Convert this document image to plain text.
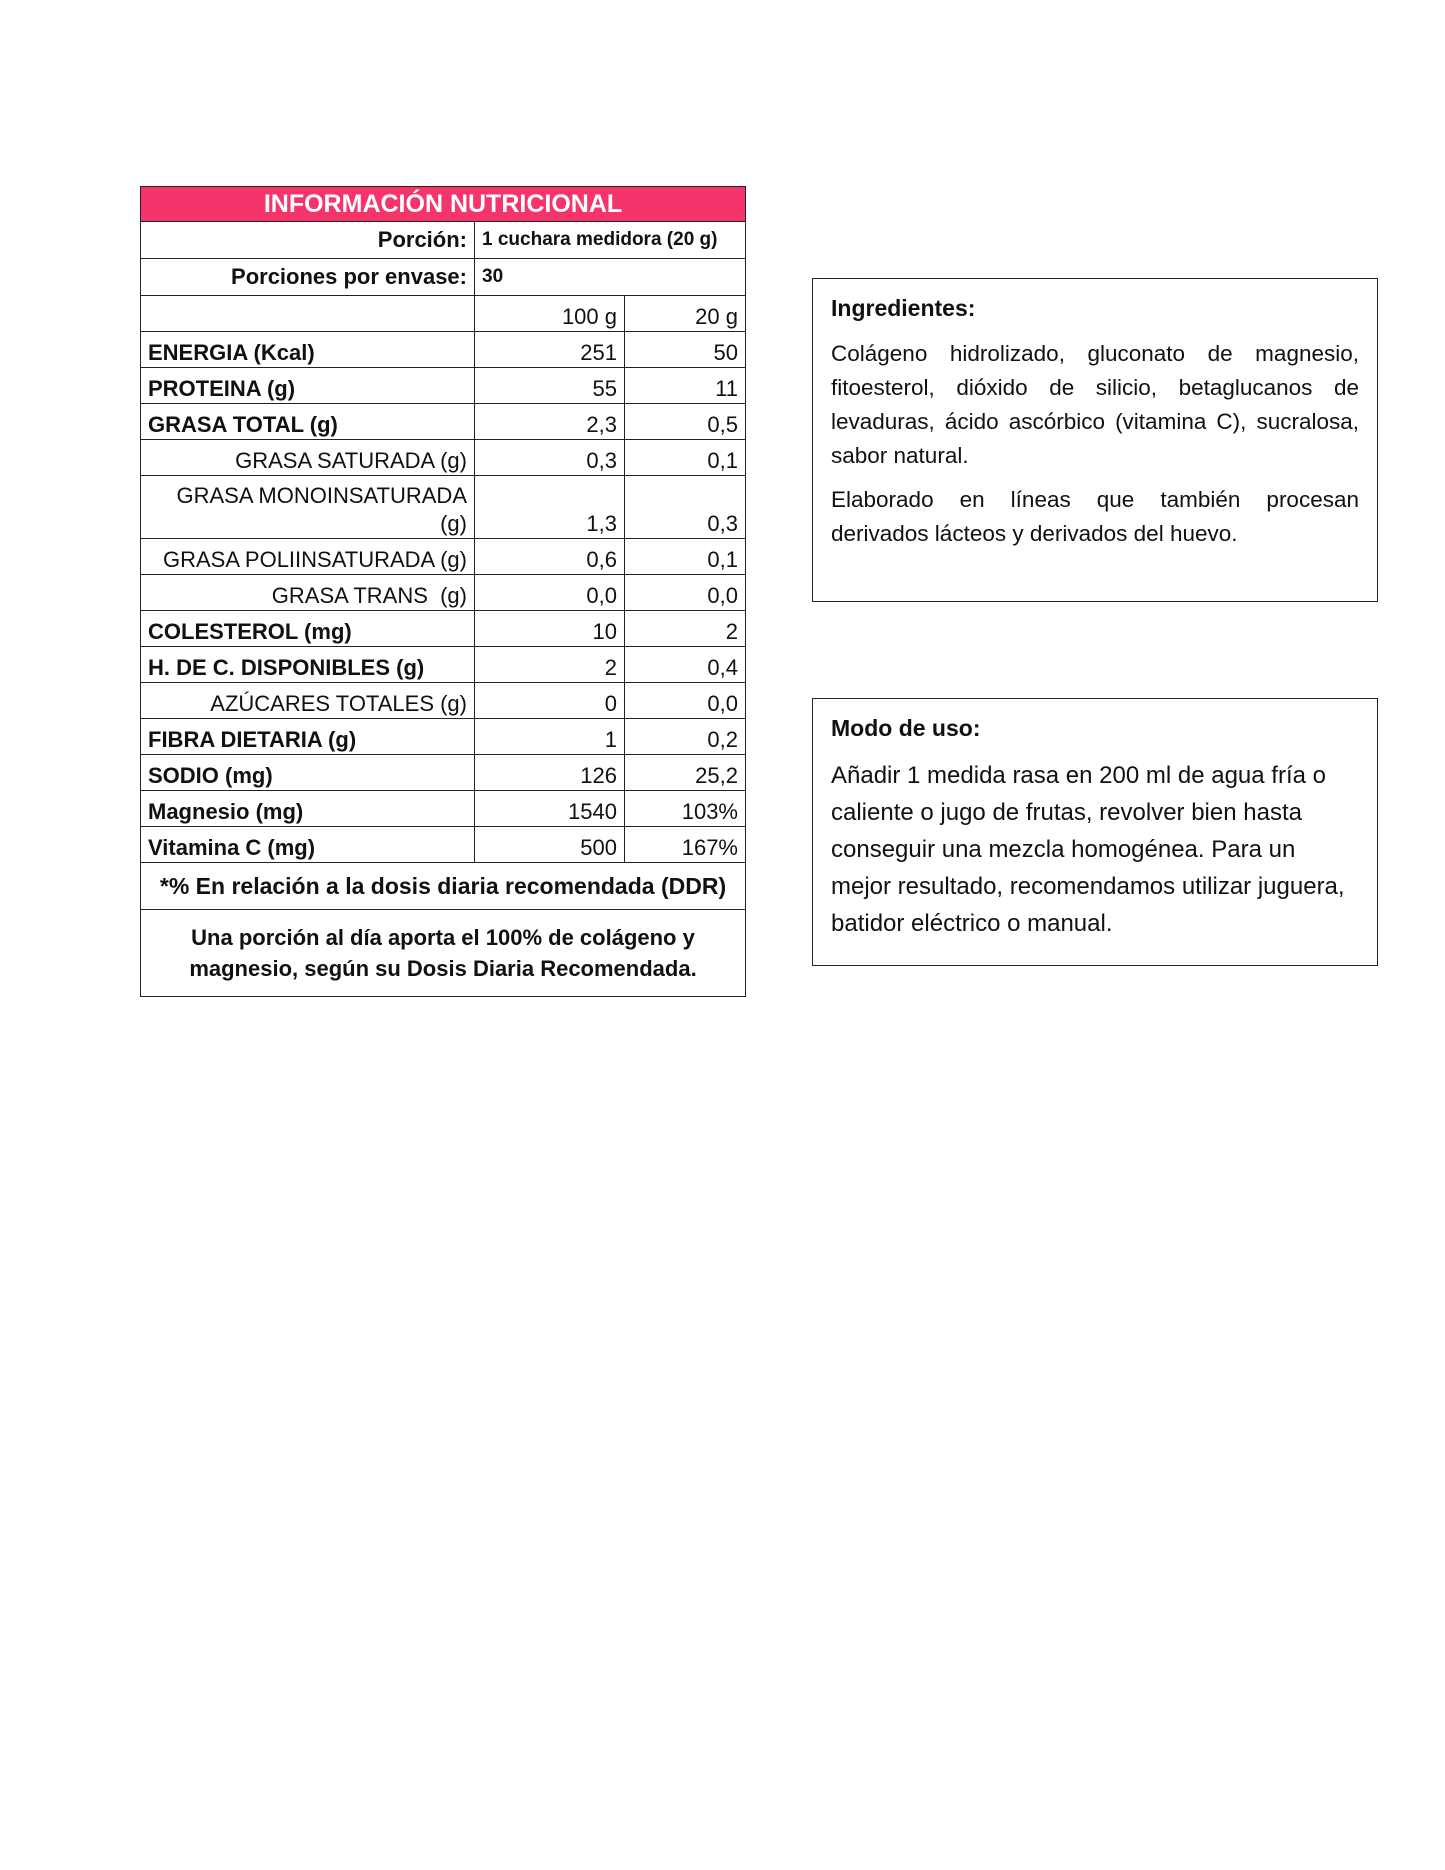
INFORMACIÓN NUTRICIONAL		
Porción:	1 cuchara medidora (20 g)	
Porciones por envase:	30	
	100 g	20 g
ENERGIA (Kcal)	251	50
PROTEINA (g)	55	11
GRASA TOTAL (g)	2,3	0,5
GRASA SATURADA (g)	0,3	0,1

GRASA MONOINSATURADA
(g)	1,3	0,3
GRASA POLIINSATURADA (g)	0,6	0,1
GRASA TRANS  (g)	0,0	0,0
COLESTEROL (mg)	10	2
H. DE C. DISPONIBLES (g)	2	0,4
AZÚCARES TOTALES (g)	0	0,0
FIBRA DIETARIA (g)	1	0,2
SODIO (mg)	126	25,2
Magnesio (mg)	1540	103%
Vitamina C (mg)	500	167%
*% En relación a la dosis diaria recomendada (DDR)		

Una porción al día aporta el 100% de colágeno y
magnesio, según su Dosis Diaria Recomendada.		
Ingredientes:

Colágeno hidrolizado, gluconato de magnesio, fitoesterol, dióxido de silicio, betaglucanos de levaduras, ácido ascórbico (vitamina C), sucralosa, sabor natural.

Elaborado en líneas que también procesan derivados lácteos y derivados del huevo.

Modo de uso:

Añadir 1 medida rasa en 200 ml de agua fría o caliente o jugo de frutas, revolver bien hasta conseguir una mezcla homogénea. Para un mejor resultado, recomendamos utilizar juguera, batidor eléctrico o manual.
